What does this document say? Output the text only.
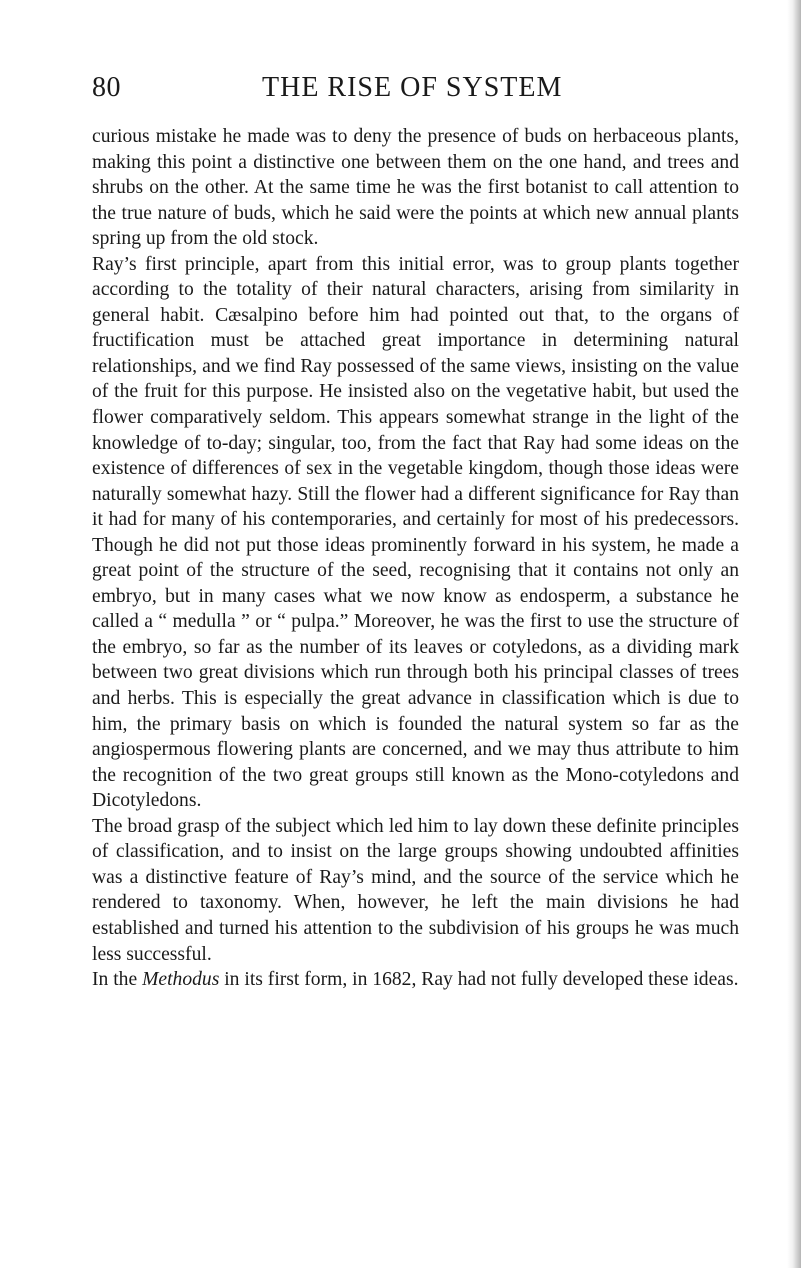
80	THE RISE OF SYSTEM

curious mistake he made was to deny the presence of buds on herbaceous plants, making this point a distinctive one between them on the one hand, and trees and shrubs on the other. At the same time he was the first botanist to call attention to the true nature of buds, which he said were the points at which new annual plants spring up from the old stock.

Ray’s first principle, apart from this initial error, was to group plants together according to the totality of their natural characters, arising from similarity in general habit. Cæsalpino before him had pointed out that, to the organs of fructification must be attached great importance in determining natural relationships, and we find Ray possessed of the same views, insisting on the value of the fruit for this purpose. He insisted also on the vegetative habit, but used the flower comparatively seldom. This appears somewhat strange in the light of the knowledge of to-day; singular, too, from the fact that Ray had some ideas on the existence of differences of sex in the vegetable kingdom, though those ideas were naturally somewhat hazy. Still the flower had a different significance for Ray than it had for many of his contemporaries, and certainly for most of his predecessors. Though he did not put those ideas prominently forward in his system, he made a great point of the structure of the seed, recognising that it contains not only an embryo, but in many cases what we now know as endosperm, a substance he called a “ medulla ” or “ pulpa.” Moreover, he was the first to use the structure of the embryo, so far as the number of its leaves or cotyledons, as a dividing mark between two great divisions which run through both his principal classes of trees and herbs. This is especially the great advance in classification which is due to him, the primary basis on which is founded the natural system so far as the angiospermous flowering plants are concerned, and we may thus attribute to him the recognition of the two great groups still known as the Mono-cotyledons and Dicotyledons.

The broad grasp of the subject which led him to lay down these definite principles of classification, and to insist on the large groups showing undoubted affinities was a distinctive feature of Ray’s mind, and the source of the service which he rendered to taxonomy. When, however, he left the main divisions he had established and turned his attention to the subdivision of his groups he was much less successful.

In the Methodus in its first form, in 1682, Ray had not fully developed these ideas.
